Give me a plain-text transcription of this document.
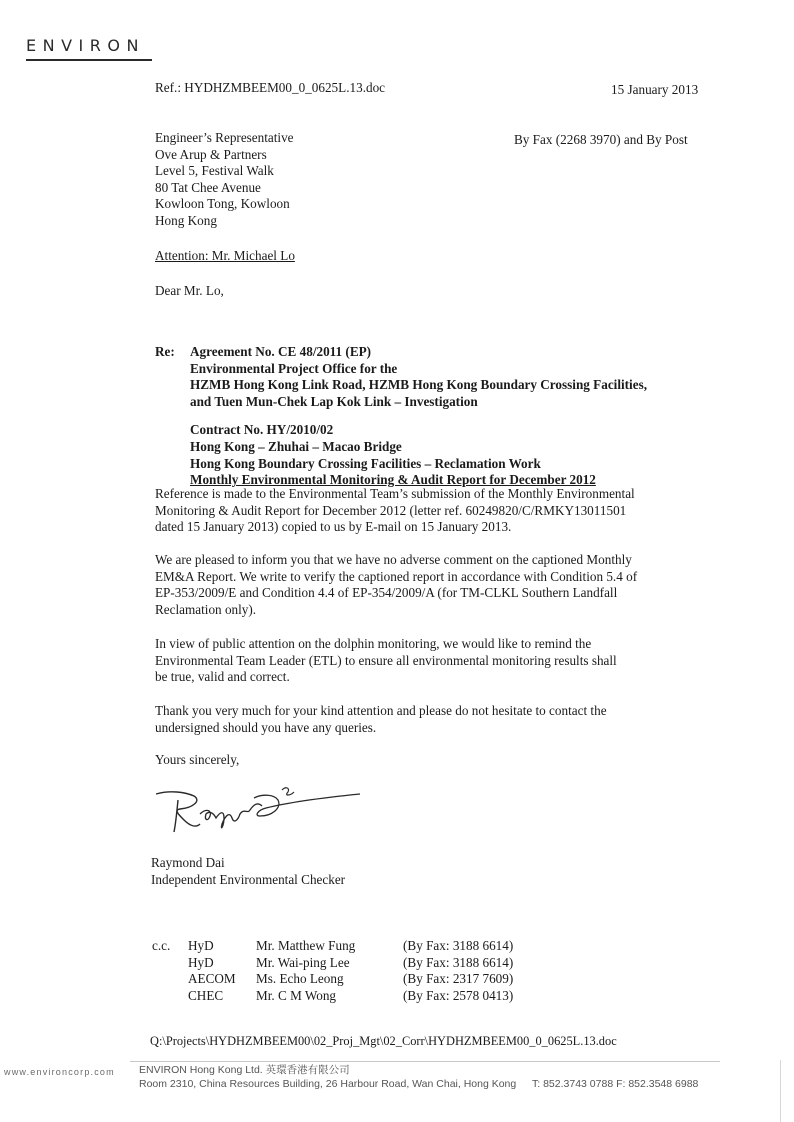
ENVIRON
Ref.: HYDHZMBEEM00_0_0625L.13.doc	15 January 2013
Engineer’s Representative
Ove Arup & Partners
Level 5, Festival Walk
80 Tat Chee Avenue
Kowloon Tong, Kowloon
Hong Kong
By Fax (2268 3970) and By Post
Attention: Mr. Michael Lo
Dear Mr. Lo,
Re: Agreement No. CE 48/2011 (EP)
Environmental Project Office for the
HZMB Hong Kong Link Road, HZMB Hong Kong Boundary Crossing Facilities,
and Tuen Mun-Chek Lap Kok Link – Investigation
Contract No. HY/2010/02
Hong Kong – Zhuhai – Macao Bridge
Hong Kong Boundary Crossing Facilities – Reclamation Work
Monthly Environmental Monitoring & Audit Report for December 2012
Reference is made to the Environmental Team’s submission of the Monthly Environmental
Monitoring & Audit Report for December 2012 (letter ref. 60249820/C/RMKY13011501
dated 15 January 2013) copied to us by E-mail on 15 January 2013.
We are pleased to inform you that we have no adverse comment on the captioned Monthly
EM&A Report. We write to verify the captioned report in accordance with Condition 5.4 of
EP-353/2009/E and Condition 4.4 of EP-354/2009/A (for TM-CLKL Southern Landfall
Reclamation only).
In view of public attention on the dolphin monitoring, we would like to remind the
Environmental Team Leader (ETL) to ensure all environmental monitoring results shall
be true, valid and correct.
Thank you very much for your kind attention and please do not hesitate to contact the
undersigned should you have any queries.
Yours sincerely,
Raymond Dai
Independent Environmental Checker
c.c. HyD
HyD
AECOM
CHEC
Mr. Matthew Fung
Mr. Wai-ping Lee
Ms. Echo Leong
Mr. C M Wong
(By Fax: 3188 6614)
(By Fax: 3188 6614)
(By Fax: 2317 7609)
(By Fax: 2578 0413)
Q:\Projects\HYDHZMBEEM00\02_Proj_Mgt\02_Corr\HYDHZMBEEM00_0_0625L.13.doc
www.environcorp.com ENVIRON Hong Kong Ltd. 英環香港有限公司
Room 2310, China Resources Building, 26 Harbour Road, Wan Chai, Hong Kong T: 852.3743 0788 F: 852.3548 6988
